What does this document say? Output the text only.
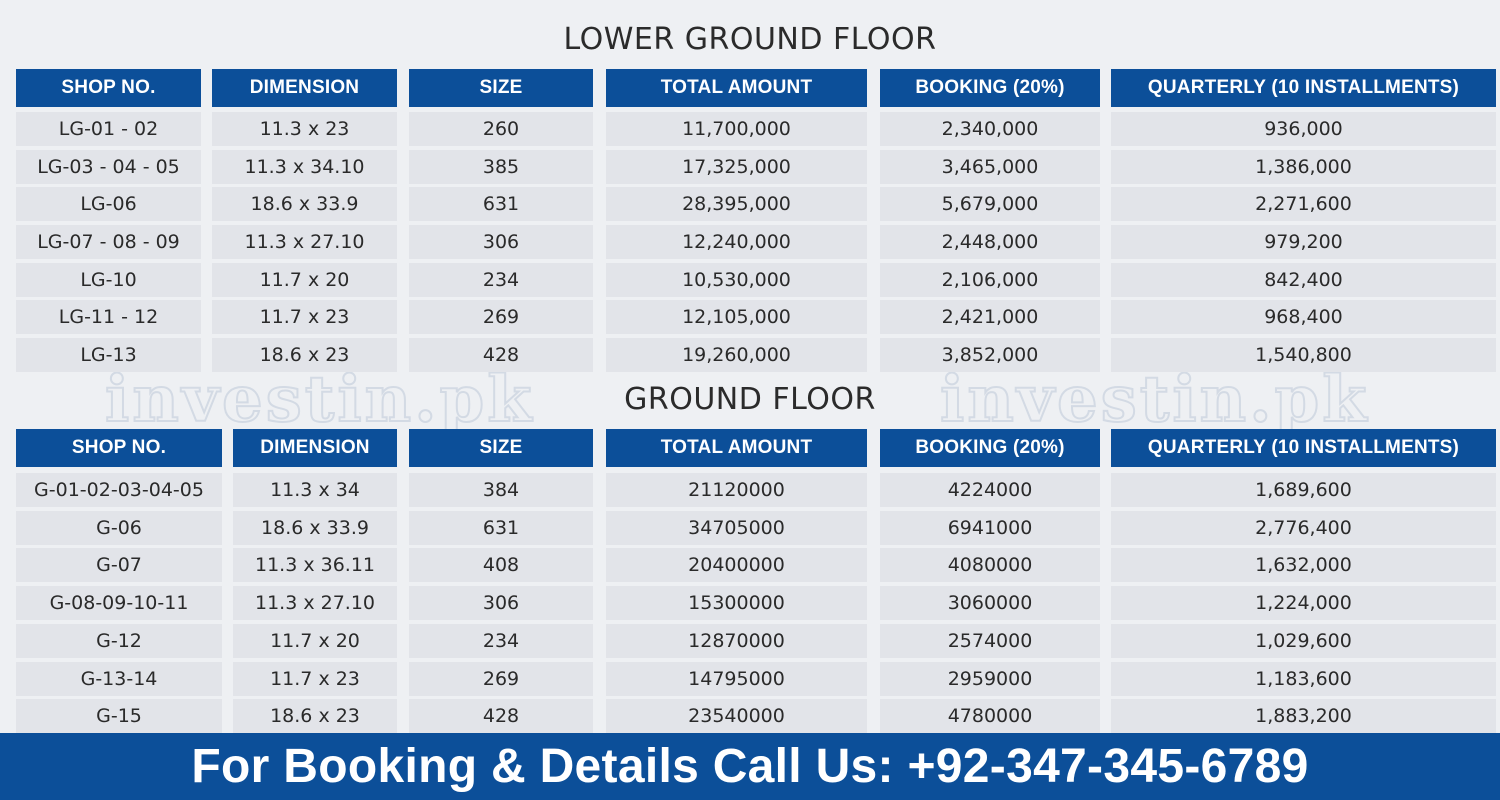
LOWER GROUND FLOOR
investin.pk	investin.pk
GROUND FLOOR
SHOP NO.	DIMENSION	SIZE	TOTAL AMOUNT	BOOKING (20%)	QUARTERLY (10 INSTALLMENTS)
LG-01 - 02	11.3 x 23	260	11,700,000	2,340,000	936,000
LG-03 - 04 - 05	11.3 x 34.10	385	17,325,000	3,465,000	1,386,000
LG-06	18.6 x 33.9	631	28,395,000	5,679,000	2,271,600
LG-07 - 08 - 09	11.3 x 27.10	306	12,240,000	2,448,000	979,200
LG-10	11.7 x 20	234	10,530,000	2,106,000	842,400
LG-11 - 12	11.7 x 23	269	12,105,000	2,421,000	968,400
LG-13	18.6 x 23	428	19,260,000	3,852,000	1,540,800
SHOP NO.	DIMENSION	SIZE	TOTAL AMOUNT	BOOKING (20%)	QUARTERLY (10 INSTALLMENTS)
G-01-02-03-04-05	11.3 x 34	384	21120000	4224000	1,689,600
G-06	18.6 x 33.9	631	34705000	6941000	2,776,400
G-07	11.3 x 36.11	408	20400000	4080000	1,632,000
G-08-09-10-11	11.3 x 27.10	306	15300000	3060000	1,224,000
G-12	11.7 x 20	234	12870000	2574000	1,029,600
G-13-14	11.7 x 23	269	14795000	2959000	1,183,600
G-15	18.6 x 23	428	23540000	4780000	1,883,200
For Booking & Details Call Us: +92-347-345-6789
